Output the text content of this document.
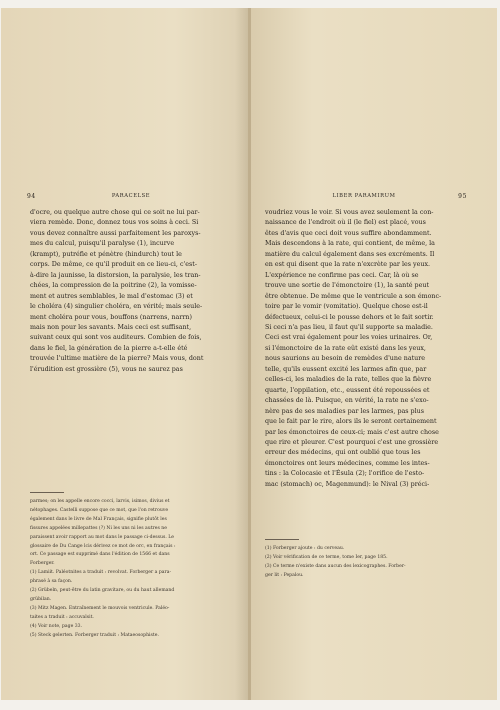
94	PARACELSE
d'ocre, ou quelque autre chose qui ce soit ne lui par-
viera remède. Donc, donnez tous vos soins à ceci. Si
vous devez connaître aussi parfaitement les paroxys-
mes du calcul, puisqu'il paralyse (1), incurve
(krampt), putréfie et pénètre (hindurch) tout le
corps. De même, ce qu'il produit en ce lieu-ci, c'est-
à-dire la jaunisse, la distorsion, la paralysie, les tran-
chées, la compression de la poitrine (2), la vomisse-
ment et autres semblables, le mal d'estomac (3) et
le choléra (4) singulier choléra, en vérité; mais seule-
ment choléra pour vous, bouffons (narrens, narrn)
mais non pour les savants. Mais ceci est suffisant,
suivant ceux qui sont vos auditeurs. Combien de fois,
dans le fiel, la génération de la pierre a-t-elle été
trouvée l'ultime matière de la pierre? Mais vous, dont
l'érudition est grossière (5), vous ne saurez pas
parmes; on les appelle encore cocci, larvis, isimos, divius et
nétophages. Castelli suppose que ce mot, que l'on retrouve
également dans le livre de Mal Français, signifie plutôt les
fissures appelées millepattes (?) Ni les uns ni les autres ne
paraissent avoir rapport au mot dans le passage ci-dessus. Le
glossaire de Du Cange lcis dérivez ce mot de orc, en français :
ort. Ce passage est supprimé dans l'édition de 1566 et dans
Forberger.
(1) Lamiit. Paléotnites a traduit : revolvat. Forberger a para-
phrasé à sa façon.
(2) Grübeln, peut-être du latin gravitare, ou du haut allemand
grübilan.
(3) Mitz Magen. Entraînement le mouvois ventricule. Paléo-
taites a traduit : accuvalsit.
(4) Voir note, page 33.
(5) Steck gelerten. Forberger traduit : Mataeosophiste.
LIBER PARAMIRUM	95
voudriez vous le voir. Si vous avez seulement la con-
naissance de l'endroit où il (le fiel) est placé, vous
êtes d'avis que ceci doit vous suffire abondamment.
Mais descendons à la rate, qui contient, de même, la
matière du calcul également dans ses excréments. Il
en est qui disent que la rate n'excrète par les yeux.
L'expérience ne confirme pas ceci. Car, là où se
trouve une sortie de l'émonctoire (1), la santé peut
être obtenue. De même que le ventricule a son émonc-
toire par le vomir (vomitatio). Quelque chose est-il
défectueux, celui-ci le pousse dehors et le fait sortir.
Si ceci n'a pas lieu, il faut qu'il supporte sa maladie.
Ceci est vrai également pour les voies urinaires. Or,
si l'émonctoire de la rate eût existé dans les yeux,
nous saurions au besoin de remèdes d'une nature
telle, qu'ils eussent excité les larmes afin que, par
celles-ci, les maladies de la rate, telles que la fièvre
quarte, l'oppilation, etc., eussent été repoussées et
chassées de là. Puisque, en vérité, la rate ne s'exo-
nère pas de ses maladies par les larmes, pas plus
que le fait par le rire, alors ils le seront certainement
par les émonctoires de ceux-ci; mais c'est autre chose
que rire et pleurer. C'est pourquoi c'est une grossière
erreur des médecins, qui ont oublié que tous les
émonctoires ont leurs médecines, comme les intes-
tins : la Colocasie et l'Ésula (2); l'orifice de l'esto-
mac (stomach) oc, Magenmund): le Nival (3) préci-
(1) Forberger ajoute : du cerveau.
(2) Voir vérification de ce terme, tome Ier, page 185.
(3) Ce terme n'existe dans aucun des lexicographes. Forber-
ger lit : Pepalou.
